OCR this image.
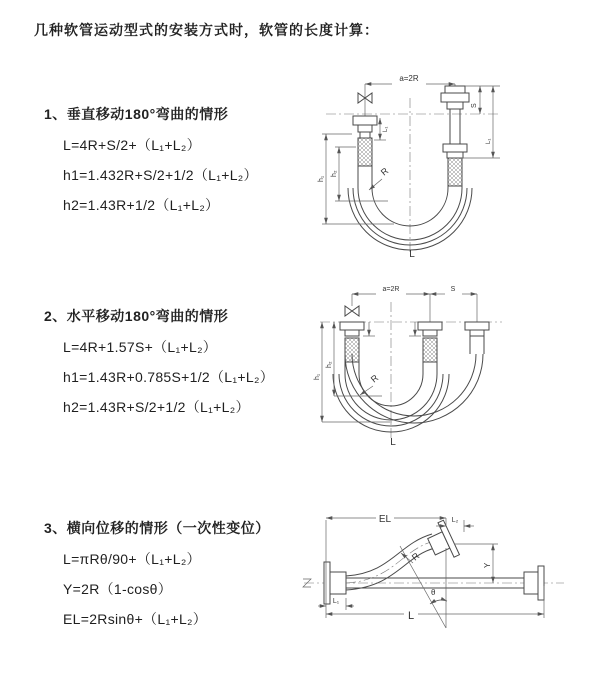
几种软管运动型式的安装方式时，软管的长度计算：
1、垂直移动180°弯曲的情形
L=4R+S/2+（L₁+L₂）
h1=1.432R+S/2+1/2（L₁+L₂）
h2=1.43R+1/2（L₁+L₂）
2、水平移动180°弯曲的情形
L=4R+1.57S+（L₁+L₂）
h1=1.43R+0.785S+1/2（L₁+L₂）
h2=1.43R+S/2+1/2（L₁+L₂）
3、横向位移的情形（一次性变位）
L=πRθ/90+（L₁+L₂）
Y=2R（1-cosθ）
EL=2Rsinθ+（L₁+L₂）
a=2R
h₁
h₂
L₁
S
L₁
R
L
a=2R	S
h₁
h₂
R
L
θ
R
EL	L₂
Y
L
L₁
